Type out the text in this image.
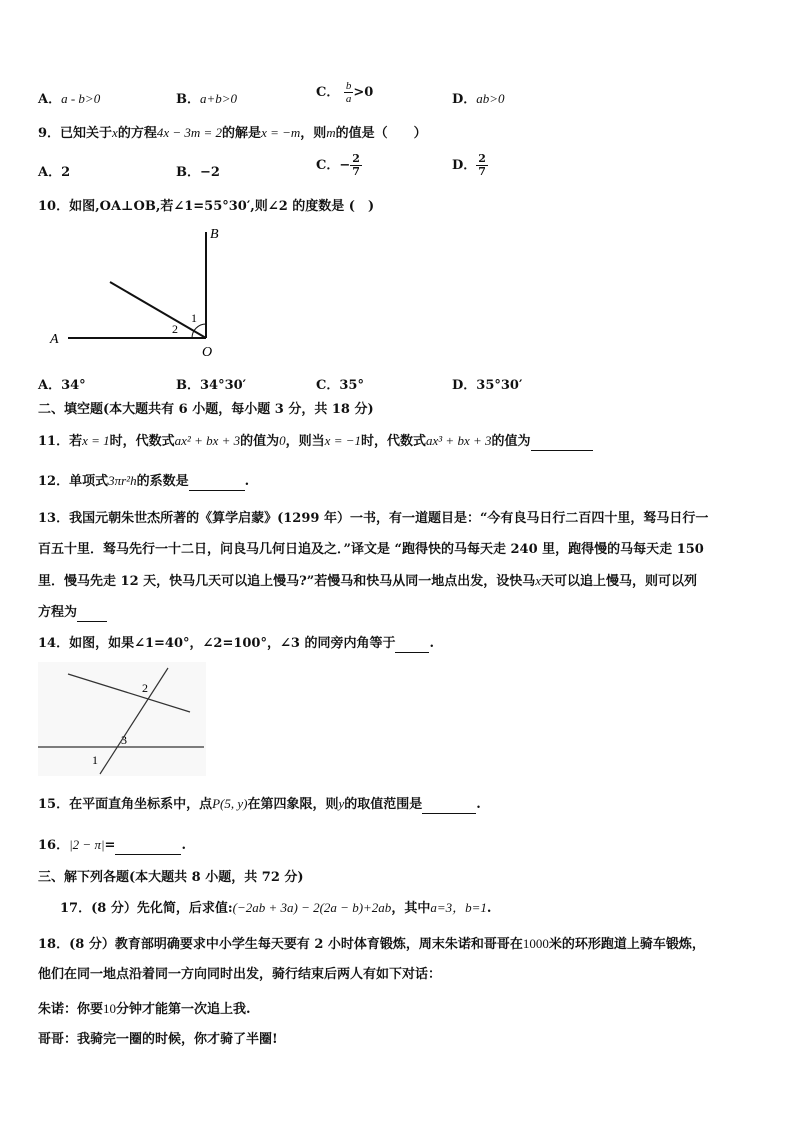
A．a - b>0	B．a+b>0	C． $\frac{b}{a} >0$	D．ab>0
9．已知关于x的方程4x − 3m = 2的解是x = −m，则m的值是（　　）
A．2	B．−2	C．− $\frac{2}{7}$	D． $\frac{2}{7}$
10．如图,OA⊥OB,若∠1=55°30′,则∠2 的度数是 (　)
A
B
O
1
2
A．34°	B．34°30′	C．35°	D．35°30′
二、填空题(本大题共有 6 小题，每小题 3 分，共 18 分)
11．若x = 1时，代数式ax² + bx + 3的值为0，则当x = −1时，代数式ax³ + bx + 3的值为
12．单项式3πr²h的系数是	.
13．我国元朝朱世杰所著的《算学启蒙》(1299 年）一书，有一道题目是：“今有良马日行二百四十里，驽马日行一
百五十里．驽马先行一十二日，问良马几何日追及之．”译文是 “跑得快的马每天走 240 里，跑得慢的马每天走 150
里．慢马先走 12 天，快马几天可以追上慢马?”若慢马和快马从同一地点出发，设快马x天可以追上慢马，则可以列
方程为
14．如图，如果∠1=40°，∠2=100°，∠3 的同旁内角等于	.
1
2
3
15．在平面直角坐标系中，点P(5, y)在第四象限，则y的取值范围是	.
16．|2 − π|=	.
三、解下列各题(本大题共 8 小题，共 72 分)
17．(8 分）先化简，后求值:(−2ab + 3a) − 2(2a − b)+2ab，其中a=3，b=1.
18．(8 分）教育部明确要求中小学生每天要有 2 小时体育锻炼，周末朱诺和哥哥在1000米的环形跑道上骑车锻炼，
他们在同一地点沿着同一方向同时出发，骑行结束后两人有如下对话：
朱诺：你要10分钟才能第一次追上我.
哥哥：我骑完一圈的时候，你才骑了半圈!
